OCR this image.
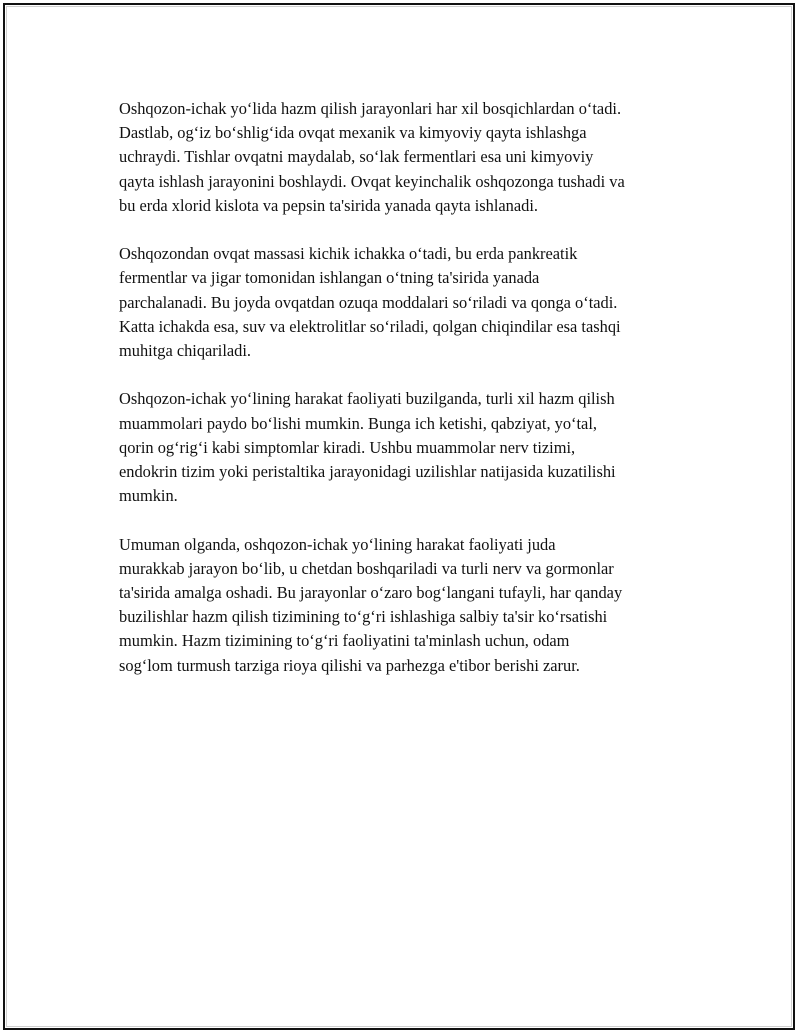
Oshqozon-ichak yo‘lida hazm qilish jarayonlari har xil bosqichlardan o‘tadi.
Dastlab, og‘iz bo‘shlig‘ida ovqat mexanik va kimyoviy qayta ishlashga
uchraydi. Tishlar ovqatni maydalab, so‘lak fermentlari esa uni kimyoviy
qayta ishlash jarayonini boshlaydi. Ovqat keyinchalik oshqozonga tushadi va
bu erda xlorid kislota va pepsin ta'sirida yanada qayta ishlanadi.

Oshqozondan ovqat massasi kichik ichakka o‘tadi, bu erda pankreatik
fermentlar va jigar tomonidan ishlangan o‘tning ta'sirida yanada
parchalanadi. Bu joyda ovqatdan ozuqa moddalari so‘riladi va qonga o‘tadi.
Katta ichakda esa, suv va elektrolitlar so‘riladi, qolgan chiqindilar esa tashqi
muhitga chiqariladi.

Oshqozon-ichak yo‘lining harakat faoliyati buzilganda, turli xil hazm qilish
muammolari paydo bo‘lishi mumkin. Bunga ich ketishi, qabziyat, yo‘tal,
qorin og‘rig‘i kabi simptomlar kiradi. Ushbu muammolar nerv tizimi,
endokrin tizim yoki peristaltika jarayonidagi uzilishlar natijasida kuzatilishi
mumkin.

Umuman olganda, oshqozon-ichak yo‘lining harakat faoliyati juda
murakkab jarayon bo‘lib, u chetdan boshqariladi va turli nerv va gormonlar
ta'sirida amalga oshadi. Bu jarayonlar o‘zaro bog‘langani tufayli, har qanday
buzilishlar hazm qilish tizimining to‘g‘ri ishlashiga salbiy ta'sir ko‘rsatishi
mumkin. Hazm tizimining to‘g‘ri faoliyatini ta'minlash uchun, odam
sog‘lom turmush tarziga rioya qilishi va parhezga e'tibor berishi zarur.
